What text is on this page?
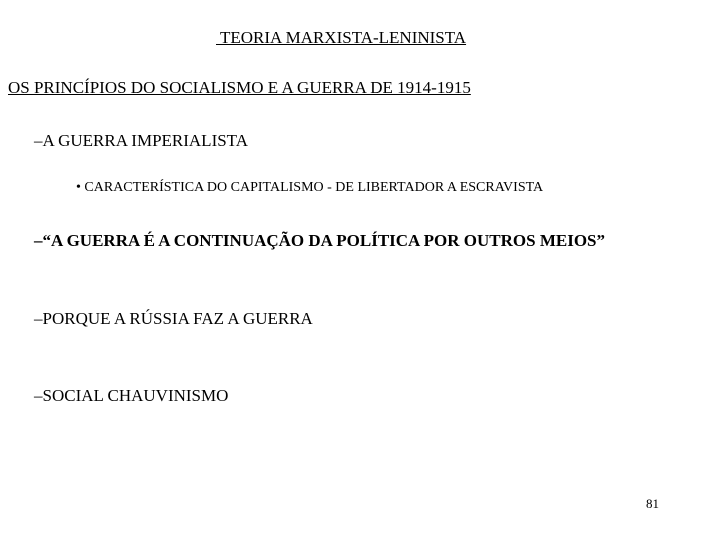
TEORIA MARXISTA-LENINISTA
OS PRINCÍPIOS DO SOCIALISMO E A GUERRA DE 1914-1915
–A GUERRA IMPERIALISTA
• CARACTERÍSTICA DO CAPITALISMO - DE LIBERTADOR A ESCRAVISTA
–“A GUERRA É A CONTINUAÇÃO DA POLÍTICA POR OUTROS MEIOS”
–PORQUE A RÚSSIA FAZ A GUERRA
–SOCIAL CHAUVINISMO
81
